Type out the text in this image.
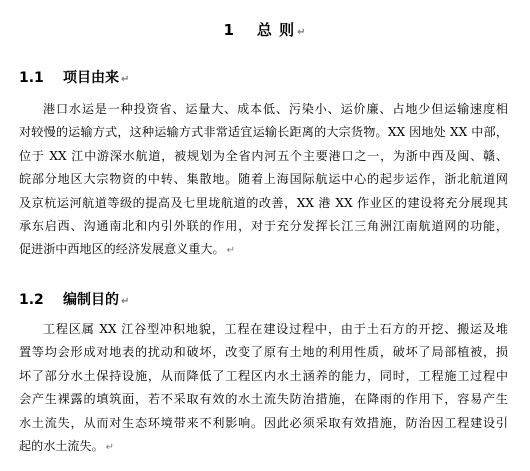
1 总 则 ↵
1.1 项目由来 ↵
港口水运是一种投资省、运量大、成本低、污染小、运价廉、占地少但运输速度相
对较慢的运输方式，这种运输方式非常适宜运输长距离的大宗货物。XX 因地处 XX 中部，
位于 XX 江中游深水航道，被规划为全省内河五个主要港口之一，为浙中西及闽、赣、
皖部分地区大宗物资的中转、集散地。随着上海国际航运中心的起步运作，浙北航道网
及京杭运河航道等级的提高及七里垅航道的改善，XX 港 XX 作业区的建设将充分展现其
承东启西、沟通南北和内引外联的作用，对于充分发挥长江三角洲江南航道网的功能，
促进浙中西地区的经济发展意义重大。 ↵
1.2 编制目的 ↵
工程区属 XX 江谷型冲积地貌，工程在建设过程中，由于土石方的开挖、搬运及堆
置等均会形成对地表的扰动和破坏，改变了原有土地的利用性质，破坏了局部植被，损
坏了部分水土保持设施，从而降低了工程区内水土涵养的能力，同时，工程施工过程中
会产生裸露的填筑面，若不采取有效的水土流失防治措施，在降雨的作用下，容易产生
水土流失，从而对生态环境带来不利影响。因此必须采取有效措施，防治因工程建设引
起的水土流失。 ↵
